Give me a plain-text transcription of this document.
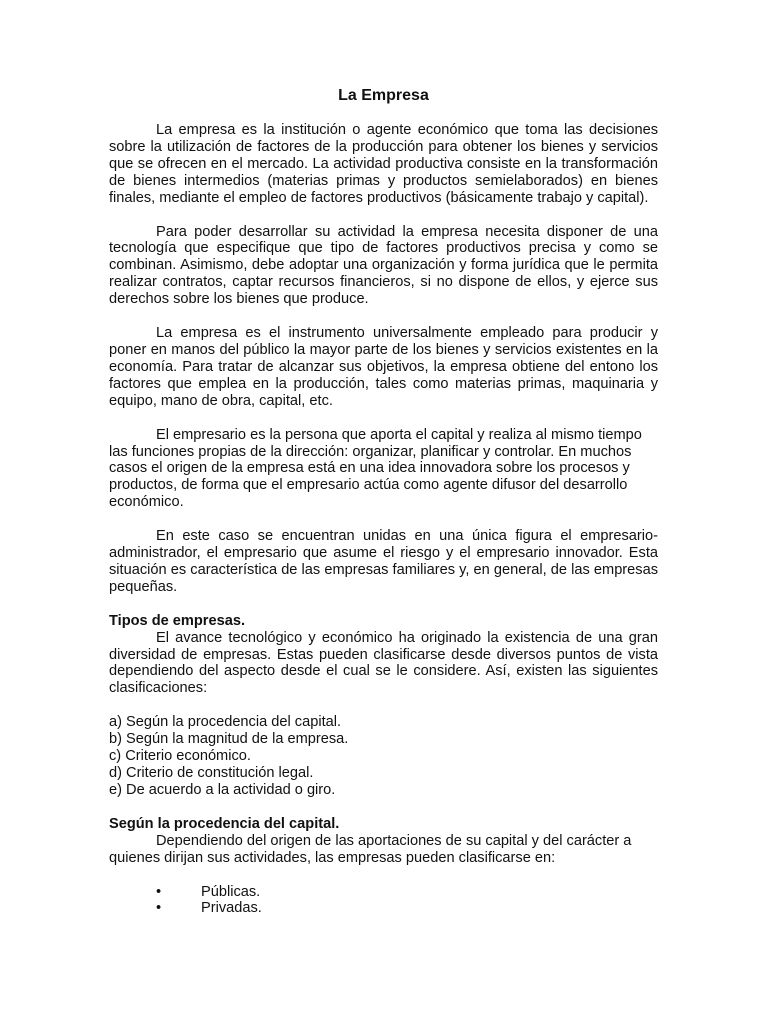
La Empresa

La empresa es la institución o agente económico que toma las decisiones sobre la utilización de factores de la producción para obtener los bienes y servicios que se ofrecen en el mercado. La actividad productiva consiste en la transformación de bienes intermedios (materias primas y productos semielaborados) en bienes finales, mediante el empleo de factores productivos (básicamente trabajo y capital).

Para poder desarrollar su actividad la empresa necesita disponer de una tecnología que especifique que tipo de factores productivos precisa y como se combinan. Asimismo, debe adoptar una organización y forma jurídica que le permita realizar contratos, captar recursos financieros, si no dispone de ellos, y ejerce sus derechos sobre los bienes que produce.

La empresa es el instrumento universalmente empleado para producir y poner en manos del público la mayor parte de los bienes y servicios existentes en la economía. Para tratar de alcanzar sus objetivos, la empresa obtiene del entono los factores que emplea en la producción, tales como materias primas, maquinaria y equipo, mano de obra, capital, etc.

El empresario es la persona que aporta el capital y realiza al mismo tiempo las funciones propias de la dirección: organizar, planificar y controlar. En muchos casos el origen de la empresa está en una idea innovadora sobre los procesos y productos, de forma que el empresario actúa como agente difusor del desarrollo económico.

En este caso se encuentran unidas en una única figura el empresario-administrador, el empresario que asume el riesgo y el empresario innovador. Esta situación es característica de las empresas familiares y, en general, de las empresas pequeñas.

Tipos de empresas.

El avance tecnológico y económico ha originado la existencia de una gran diversidad de empresas. Estas pueden clasificarse desde diversos puntos de vista dependiendo del aspecto desde el cual se le considere. Así, existen las siguientes clasificaciones:

a) Según la procedencia del capital.
b) Según la magnitud de la empresa.
c) Criterio económico.
d) Criterio de constitución legal.
e) De acuerdo a la actividad o giro.
Según la procedencia del capital.

Dependiendo del origen de las aportaciones de su capital y del carácter a quienes dirijan sus actividades, las empresas pueden clasificarse en:

•	Públicas.
•	Privadas.
